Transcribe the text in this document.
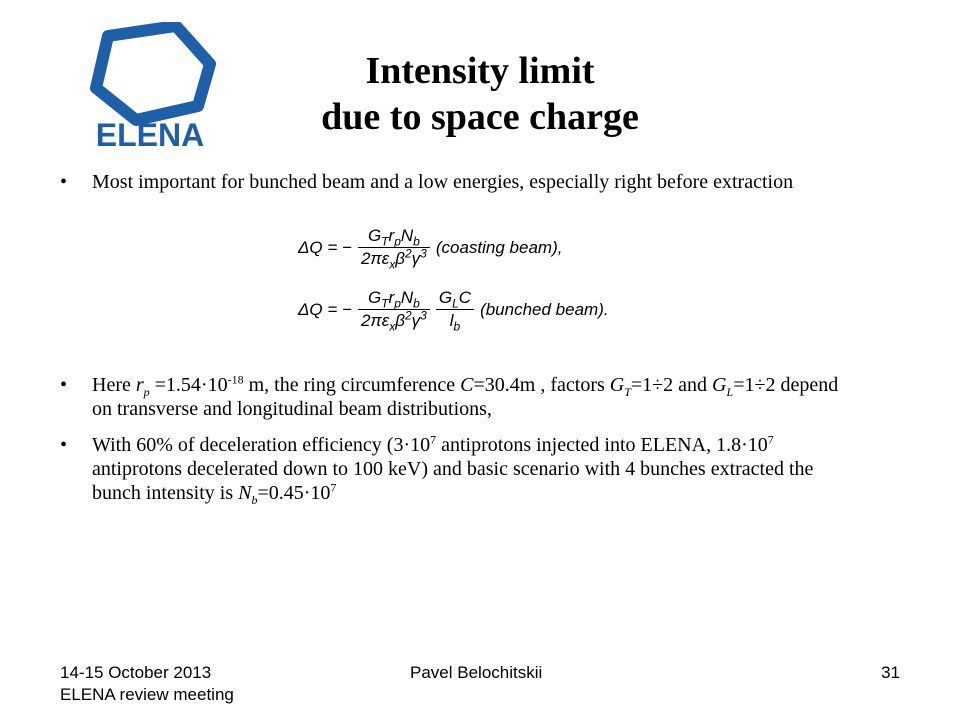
ELENA
Intensity limit
due to space charge
• Most important for bunched beam and a low energies, especially right before extraction
ΔQ = − $\frac{G_Tr_pN_b}{2\pi\varepsilon_x\beta^2\gamma^3}$ (coasting beam),
ΔQ = − $\frac{G_Tr_pN_b}{2\pi\varepsilon_x\beta^2\gamma^3} \frac{G_LC}{l_b}$ (bunched beam).
• Here $r_p =1.54\cdot 10^{-18}$ m, the ring circumference C=30.4m , factors $G_T=1\div 2$ and $G_L=1\div 2$ depend on transverse and longitudinal beam distributions,
• With 60% of deceleration efficiency ($3\cdot 10^7$ antiprotons injected into ELENA, $1.8\cdot 10^7$ antiprotons decelerated down to 100 keV) and basic scenario with 4 bunches extracted the bunch intensity is $N_b=0.45\cdot 10^7$
14-15 October 2013
ELENA review meeting
Pavel Belochitskii	31
